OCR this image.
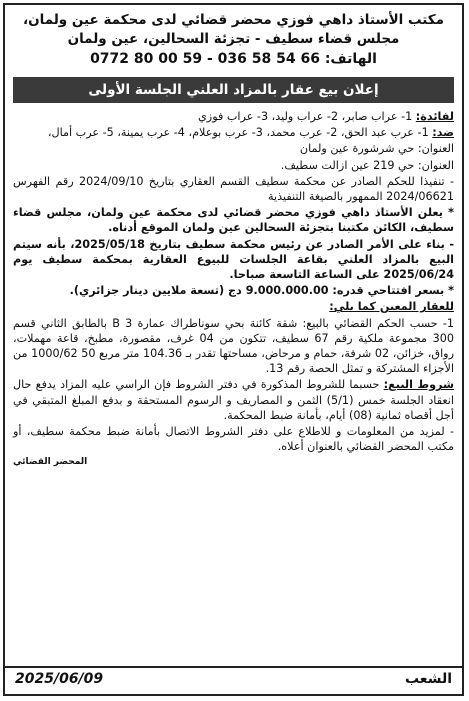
مكتب الأستاذ داهي فوزي محضر قضائي لدى محكمة عين ولمان،
مجلس قضاء سطيف - تجزئة السحالين، عين ولمان
الهاتف: 0772 80 00 59 - 036 58 54 66
إعلان بيع عقار بالمزاد العلني الجلسة الأولى

لفائدة: 1- عراب صابر، 2- عراب وليد، 3- عراب فوزي

ضد: 1- عرب عبد الحق، 2- عرب محمد، 3- عرب بوعلام، 4- عرب يمينة، 5- عرب أمال،

العنوان: حي شرشورة عين ولمان

العنوان: حي 219 عين ازالت سطيف.

- تنفيذا للحكم الصادر عن محكمة سطيف القسم العقاري بتاريخ 2024/09/10 رقم الفهرس 2024/06621 الممهور بالصيغة التنفيذية

* يعلن الأستاذ داهي فوزي محضر قضائي لدى محكمة عين ولمان، مجلس قضاء سطيف، الكائن مكتبنا بتجزئة السحالين عين ولمان الموقع أدناه.

- بناء على الأمر الصادر عن رئيس محكمة سطيف بتاريخ 2025/05/18، بأنه سيتم البيع بالمزاد العلني بقاعة الجلسات للبيوع العقارية بمحكمة سطيف يوم 2025/06/24 على الساعة التاسعة صباحا.

* بسعر افتتاحي قدره: 9.000.000.00 دج (تسعة ملايين دينار جزائري).

للعقار المعين كما يلي:

1- حسب الحكم القضائي بالبيع: شقة كائنة بحي سوناطراك عمارة B 3 بالطابق الثاني قسم 300 مجموعة ملكية رقم 67 سطيف، تتكون من 04 غرف، مقصورة، مطبخ، قاعة مهملات، رواق، خزائن، 02 شرفة، حمام و مرحاض، مساحتها تقدر بـ 104.36 متر مربع 50 1000/62 من الأجزاء المشتركة و تمثل الحصة رقم 13.

شروط البيع: حسبما للشروط المذكورة في دفتر الشروط فإن الراسي عليه المزاد يدفع حال انعقاد الجلسة خمس (5/1) الثمن و المصاريف و الرسوم المستحقة و بدفع المبلغ المتبقي في أجل أقصاه ثمانية (08) أيام، بأمانة ضبط المحكمة.

- لمزيد من المعلومات و للاطلاع على دفتر الشروط الاتصال بأمانة ضبط محكمة سطيف، أو مكتب المحضر القضائي بالعنوان أعلاه.

المحضر القضائي
الشعب
2025/06/09
